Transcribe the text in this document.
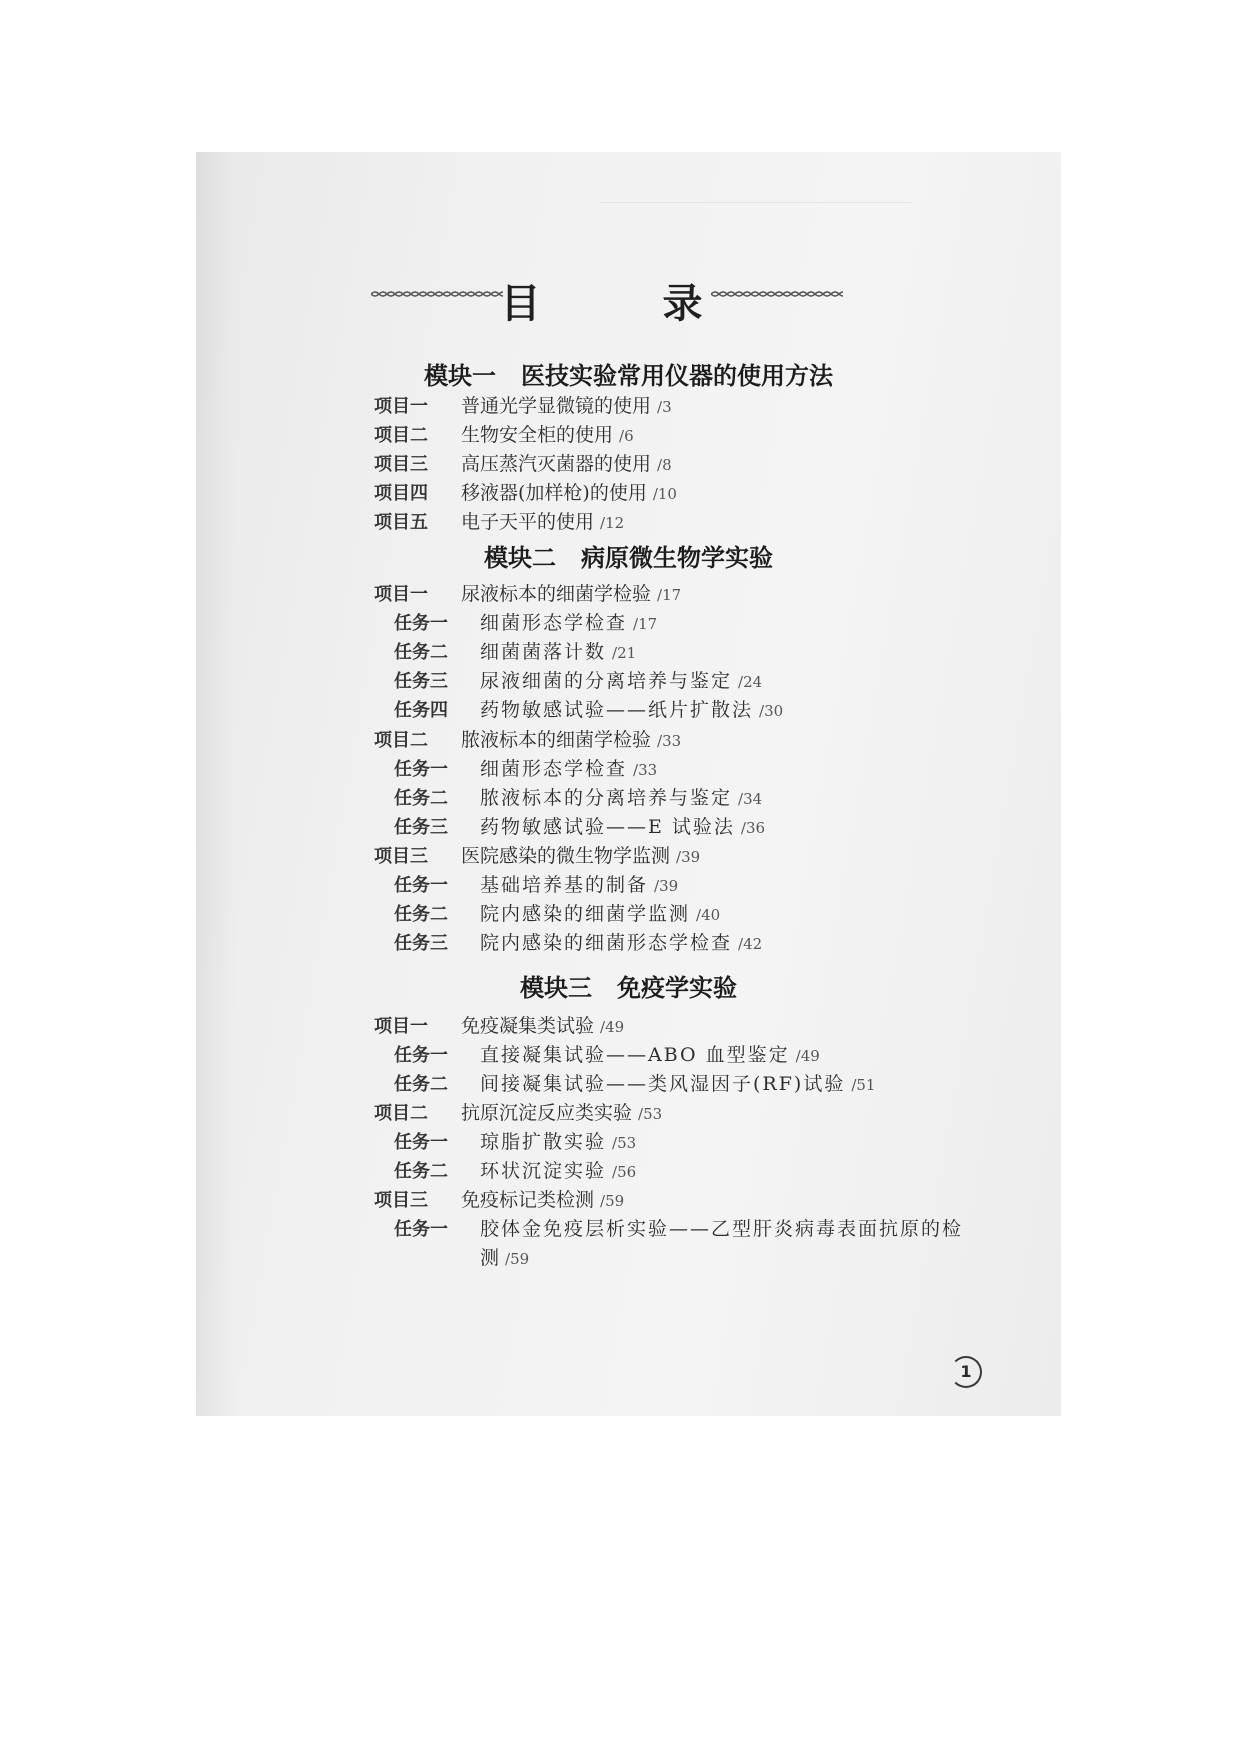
目 录
模块一   医技实验常用仪器的使用方法
项目一 普通光学显微镜的使用 /3
项目二 生物安全柜的使用 /6
项目三 高压蒸汽灭菌器的使用 /8
项目四 移液器(加样枪)的使用 /10
项目五 电子天平的使用 /12
模块二   病原微生物学实验
项目一 尿液标本的细菌学检验 /17
任务一 细菌形态学检查 /17
任务二 细菌菌落计数 /21
任务三 尿液细菌的分离培养与鉴定 /24
任务四 药物敏感试验——纸片扩散法 /30
项目二 脓液标本的细菌学检验 /33
任务一 细菌形态学检查 /33
任务二 脓液标本的分离培养与鉴定 /34
任务三 药物敏感试验——E 试验法 /36
项目三 医院感染的微生物学监测 /39
任务一 基础培养基的制备 /39
任务二 院内感染的细菌学监测 /40
任务三 院内感染的细菌形态学检查 /42
模块三   免疫学实验
项目一 免疫凝集类试验 /49
任务一 直接凝集试验——ABO 血型鉴定 /49
任务二 间接凝集试验——类风湿因子(RF)试验 /51
项目二 抗原沉淀反应类实验 /53
任务一 琼脂扩散实验 /53
任务二 环状沉淀实验 /56
项目三 免疫标记类检测 /59
任务一 胶体金免疫层析实验——乙型肝炎病毒表面抗原的检
测 /59
1
